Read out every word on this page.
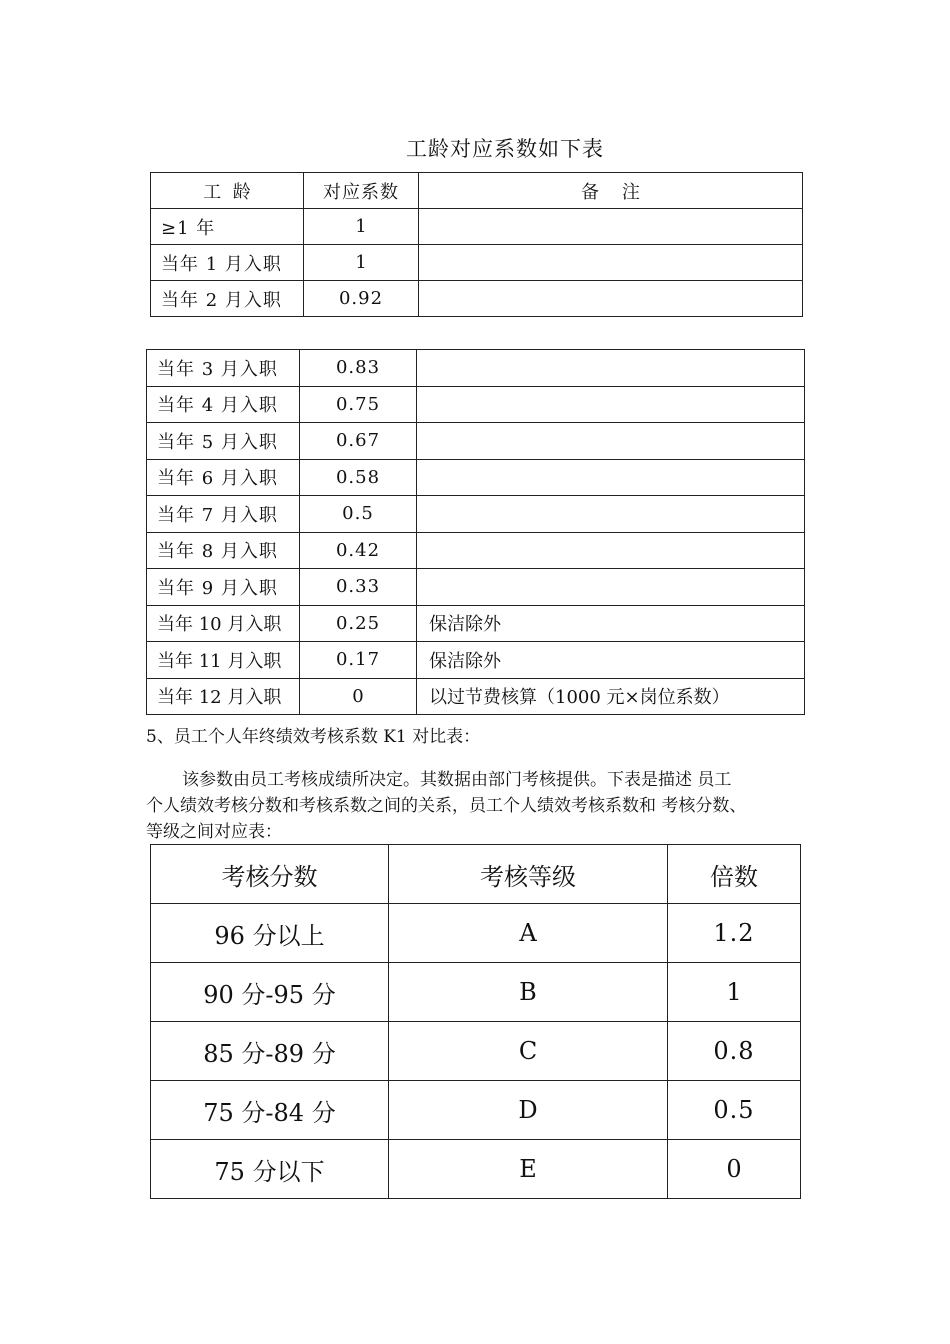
工龄对应系数如下表
工  龄	对应系数	备    注
≥1 年	1	
当年 1 月入职	1	
当年 2 月入职	0.92	
当年 3 月入职	0.83	
当年 4 月入职	0.75	
当年 5 月入职	0.67	
当年 6 月入职	0.58	
当年 7 月入职	0.5	
当年 8 月入职	0.42	
当年 9 月入职	0.33	
当年 10 月入职	0.25	保洁除外
当年 11 月入职	0.17	保洁除外
当年 12 月入职	0	以过节费核算（1000 元×岗位系数）
5、员工个人年终绩效考核系数 K1 对比表：

该参数由员工考核成绩所决定。其数据由部门考核提供。下表是描述 员工

个人绩效考核分数和考核系数之间的关系，员工个人绩效考核系数和 考核分数、

等级之间对应表：

考核分数	考核等级	倍数
96 分以上	A	1.2
90 分-95 分	B	1
85 分-89 分	C	0.8
75 分-84 分	D	0.5
75 分以下	E	0
